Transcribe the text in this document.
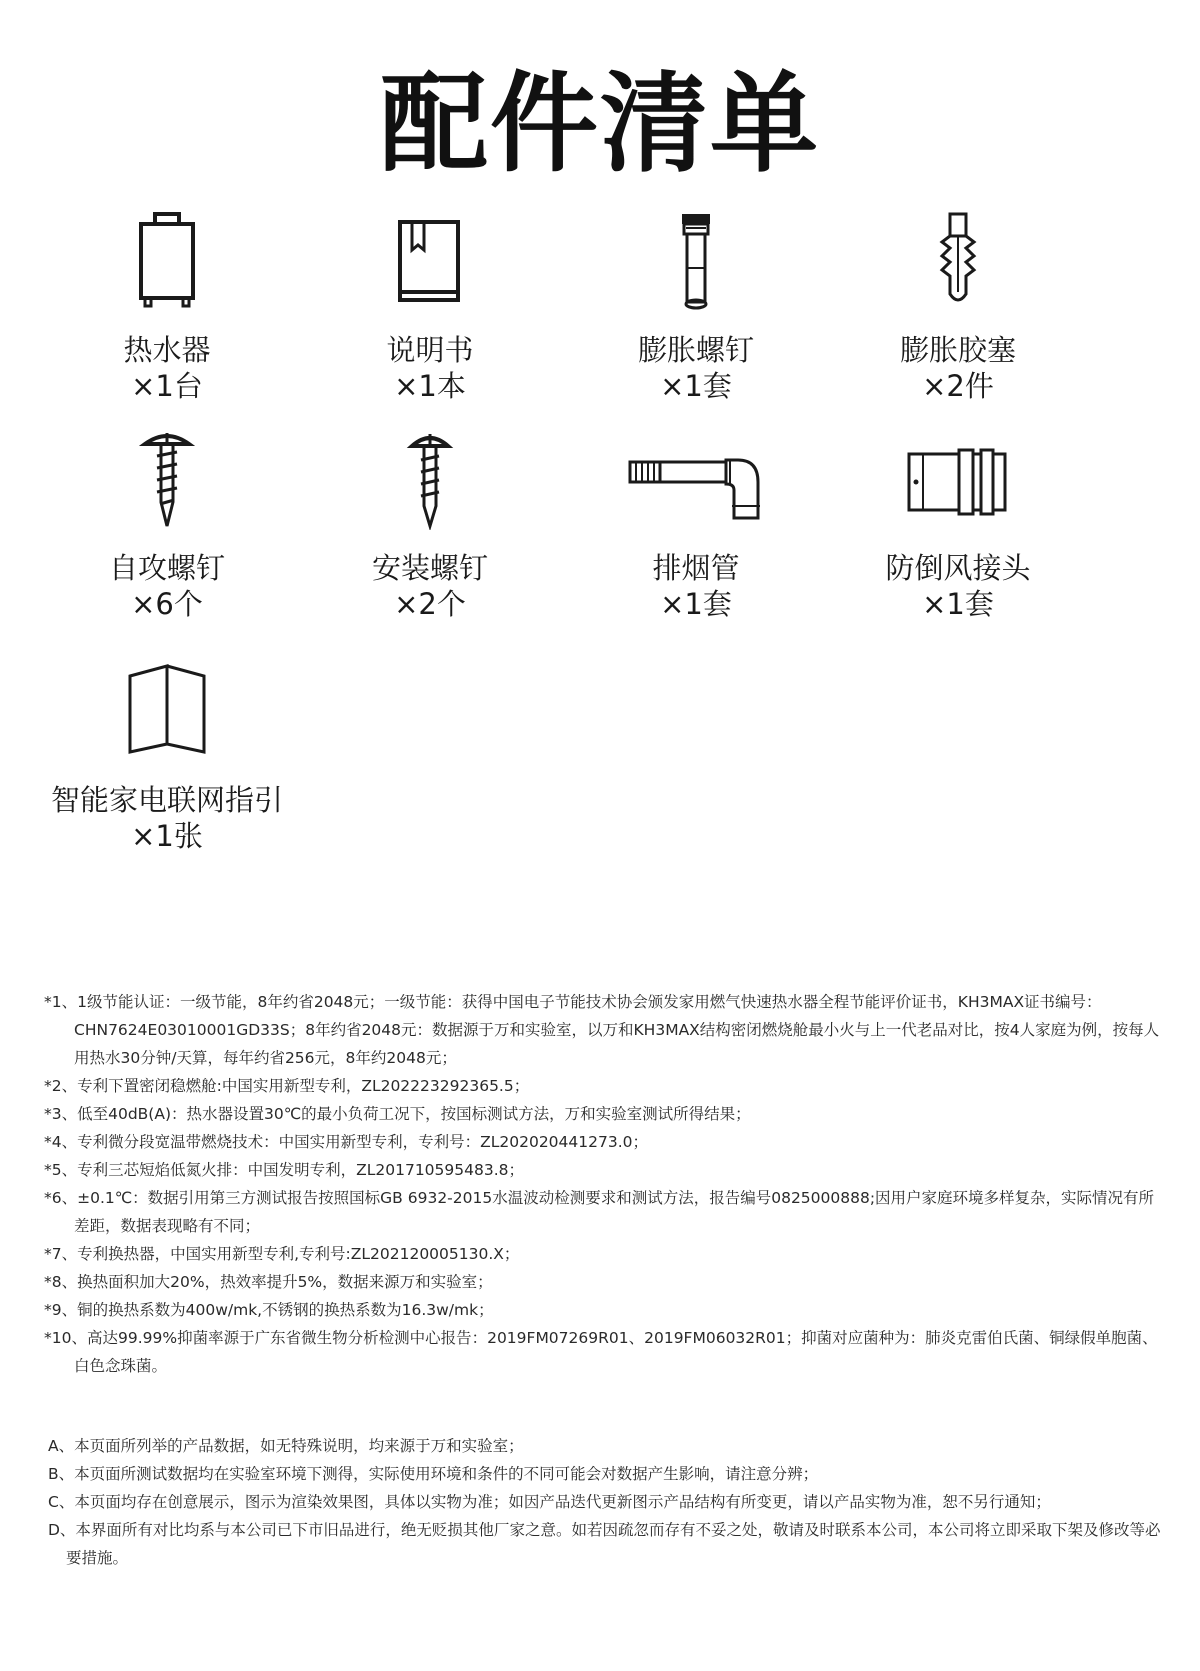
配件清单
热水器
×1台
说明书
×1本
膨胀螺钉
×1套
膨胀胶塞
×2件
自攻螺钉
×6个
安装螺钉
×2个
排烟管
×1套
防倒风接头
×1套
智能家电联网指引
×1张
*1、1级节能认证：一级节能，8年约省2048元；一级节能：获得中国电子节能技术协会颁发家用燃气快速热水器全程节能评价证书，KH3MAX证书编号：CHN7624E03010001GD33S；8年约省2048元：数据源于万和实验室，以万和KH3MAX结构密闭燃烧舱最小火与上一代老品对比，按4人家庭为例，按每人用热水30分钟/天算，每年约省256元，8年约2048元；
*2、专利下置密闭稳燃舱:中国实用新型专利，ZL202223292365.5；
*3、低至40dB(A)：热水器设置30℃的最小负荷工况下，按国标测试方法，万和实验室测试所得结果；
*4、专利微分段宽温带燃烧技术：中国实用新型专利，专利号：ZL202020441273.0；
*5、专利三芯短焰低氮火排：中国发明专利，ZL201710595483.8；
*6、±0.1℃：数据引用第三方测试报告按照国标GB 6932-2015水温波动检测要求和测试方法，报告编号0825000888;因用户家庭环境多样复杂，实际情况有所差距，数据表现略有不同；
*7、专利换热器，中国实用新型专利,专利号:ZL202120005130.X；
*8、换热面积加大20%，热效率提升5%，数据来源万和实验室；
*9、铜的换热系数为400w/mk,不锈钢的换热系数为16.3w/mk；
*10、高达99.99%抑菌率源于广东省微生物分析检测中心报告：2019FM07269R01、2019FM06032R01；抑菌对应菌种为：肺炎克雷伯氏菌、铜绿假单胞菌、白色念珠菌。
A、本页面所列举的产品数据，如无特殊说明，均来源于万和实验室；
B、本页面所测试数据均在实验室环境下测得，实际使用环境和条件的不同可能会对数据产生影响，请注意分辨；
C、本页面均存在创意展示，图示为渲染效果图，具体以实物为准；如因产品迭代更新图示产品结构有所变更，请以产品实物为准，恕不另行通知；
D、本界面所有对比均系与本公司已下市旧品进行，绝无贬损其他厂家之意。如若因疏忽而存有不妥之处，敬请及时联系本公司，本公司将立即采取下架及修改等必要措施。
